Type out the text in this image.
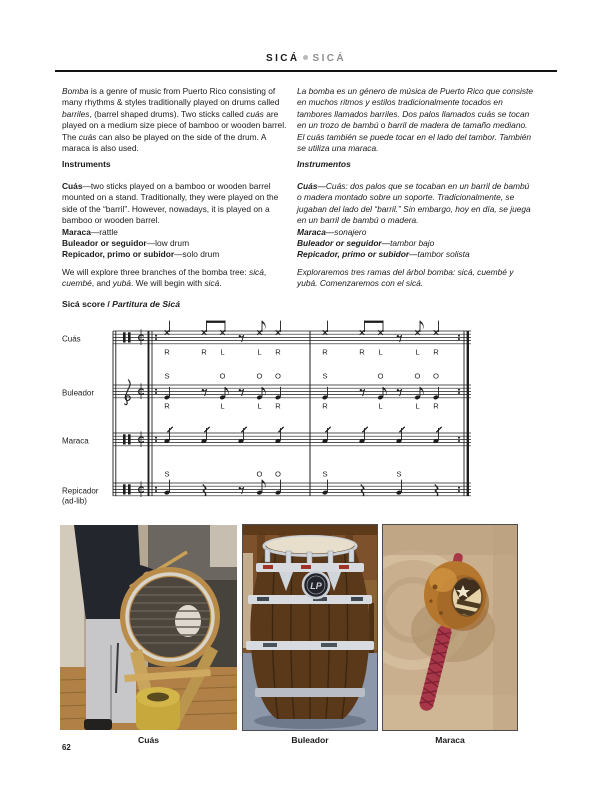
SICÁ SICÁ

Bomba is a genre of music from Puerto Rico consisting of many rhythms & styles traditionally played on drums called barriles, (barrel shaped drums). Two sticks called cuás are played on a medium size piece of bamboo or wooden barrel. The cuás can also be played on the side of the drum. A maraca is also used.

Instruments
Cuás—two sticks played on a bamboo or wooden barrel mounted on a stand. Traditionally, they were played on the side of the “barril”. However, nowadays, it is played on a bamboo or wooden barrel.
Maraca—rattle
Buleador or seguidor—low drum
Repicador, primo or subidor—solo drum
We will explore three branches of the bomba tree: sicá, cuembé, and yubá. We will begin with sicá.
La bomba es un género de música de Puerto Rico que consiste en muchos ritmos y estilos tradicionalmente tocados en tambores llamados barriles. Dos palos llamados cuás se tocan en un trozo de bambú o barril de madera de tamaño mediano. El cuás también se puede tocar en el lado del tambor. También se utiliza una maraca.
Instrumentos
Cuás—Cuás: dos palos que se tocaban en un barril de bambú o madera montado sobre un soporte. Tradicionalmente, se jugaban del lado del “barril.” Sin embargo, hoy en día, se juega en un barril de bambú o madera.
Maraca—sonajero
Buleador or seguidor—tambor bajo
Repicador, primo or subidor—tambor solista
Exploraremos tres ramas del árbol bomba: sicá, cuembé y yubá. Comenzaremos con el sicá.
Sicá score / Partitura de Sicá
Cuás	C
R	R L	L R	R	R L	L R
Buleador	C
S	O	O O
R	L	L R
S	O	O O
R	L	L R
Maraca	C
Repicador
(ad-lib)
C
S	O O	S	S
LP
Cuás	Buleador	Maraca
62
